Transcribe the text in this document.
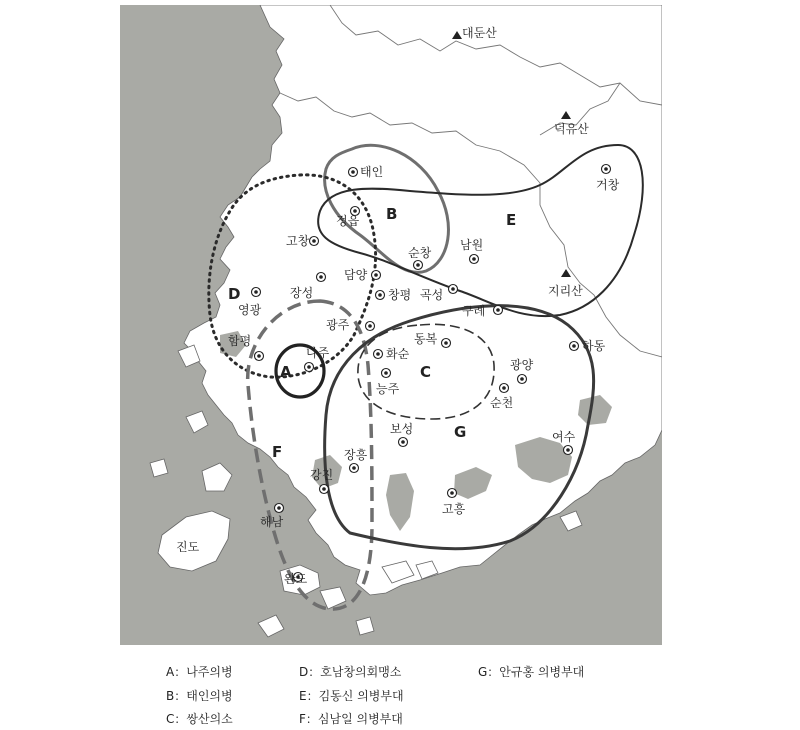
대둔산
덕유산
지리산
A
B
C
D
E
F
G
태인
정읍
고창
순창
남원
거창
담양
장성	창평 곡성
영광	구례
광주
동복
함평
나주	화순
하동
광양
능주
순천
보성
여수
장흥
강진
해남
고흥
완도
진도
A：나주의병
B：태인의병
C：쌍산의소
D：호남창의회맹소
E：김동신 의병부대
F：심남일 의병부대
G：안규홍 의병부대
